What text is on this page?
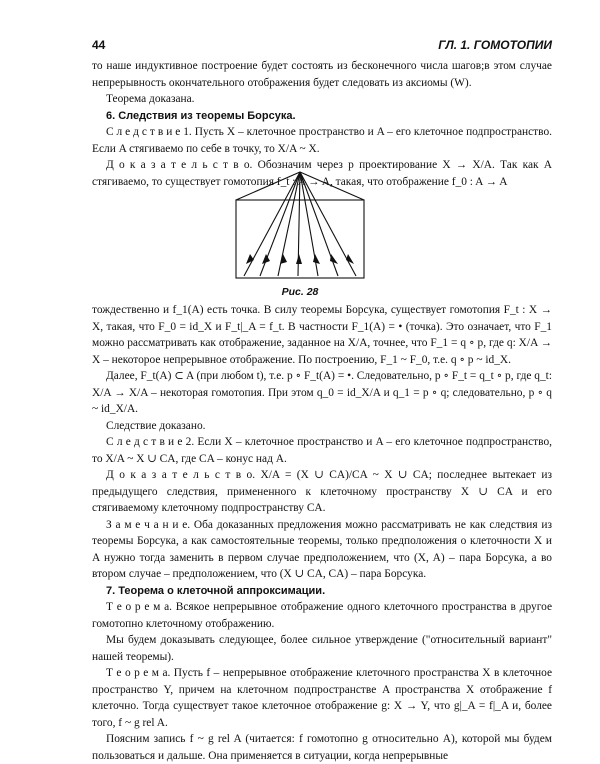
44	ГЛ. 1. ГОМОТОПИИ

то наше индуктивное построение будет состоять из бесконечного числа шагов;в этом случае непрерывность окончательного отображения будет следовать из аксиомы (W).

Теорема доказана.

6. Следствия из теоремы Борсука.

С л е д с т в и е 1. Пусть X – клеточное пространство и A – его клеточное подпространство. Если A стягиваемо по себе в точку, то X/A ~ X.

Д о к а з а т е л ь с т в о. Обозначим через p проектирование X → X/A. Так как A стягиваемо, то существует гомотопия f_t : A → A, такая, что отображение f_0 : A → A

Рис. 28

тождественно и f_1(A) есть точка. В силу теоремы Борсука, существует гомотопия F_t : X → X, такая, что F_0 = id_X и F_t|_A = f_t. В частности F_1(A) = • (точка). Это означает, что F_1 можно рассматривать как отображение, заданное на X/A, точнее, что F_1 = q ∘ p, где q: X/A → X – некоторое непрерывное отображение. По построению, F_1 ~ F_0, т.е. q ∘ p ~ id_X.

Далее, F_t(A) ⊂ A (при любом t), т.е. p ∘ F_t(A) = •. Следовательно, p ∘ F_t = q_t ∘ p, где q_t: X/A → X/A – некоторая гомотопия. При этом q_0 = id_X/A и q_1 = p ∘ q; следовательно, p ∘ q ~ id_X/A.

Следствие доказано.

С л е д с т в и е 2. Если X – клеточное пространство и A – его клеточное подпространство, то X/A ~ X ∪ CA, где CA – конус над A.

Д о к а з а т е л ь с т в о. X/A = (X ∪ CA)/CA ~ X ∪ CA; последнее вытекает из предыдущего следствия, примененного к клеточному пространству X ∪ CA и его стягиваемому клеточному подпространству CA.

З а м е ч а н и е. Оба доказанных предложения можно рассматривать не как следствия из теоремы Борсука, а как самостоятельные теоремы, только предположения о клеточности X и A нужно тогда заменить в первом случае предположением, что (X, A) – пара Борсука, а во втором случае – предположением, что (X ∪ CA, CA) – пара Борсука.

7. Теорема о клеточной аппроксимации.

Т е о р е м а. Всякое непрерывное отображение одного клеточного пространства в другое гомотопно клеточному отображению.

Мы будем доказывать следующее, более сильное утверждение ("относительный вариант" нашей теоремы).

Т е о р е м а. Пусть f – непрерывное отображение клеточного пространства X в клеточное пространство Y, причем на клеточном подпространстве A пространства X отображение f клеточно. Тогда существует такое клеточное отображение g: X → Y, что g|_A = f|_A и, более того, f ~ g rel A.

Поясним запись f ~ g rel A (читается: f гомотопно g относительно A), которой мы будем пользоваться и дальше. Она применяется в ситуации, когда непрерывные
